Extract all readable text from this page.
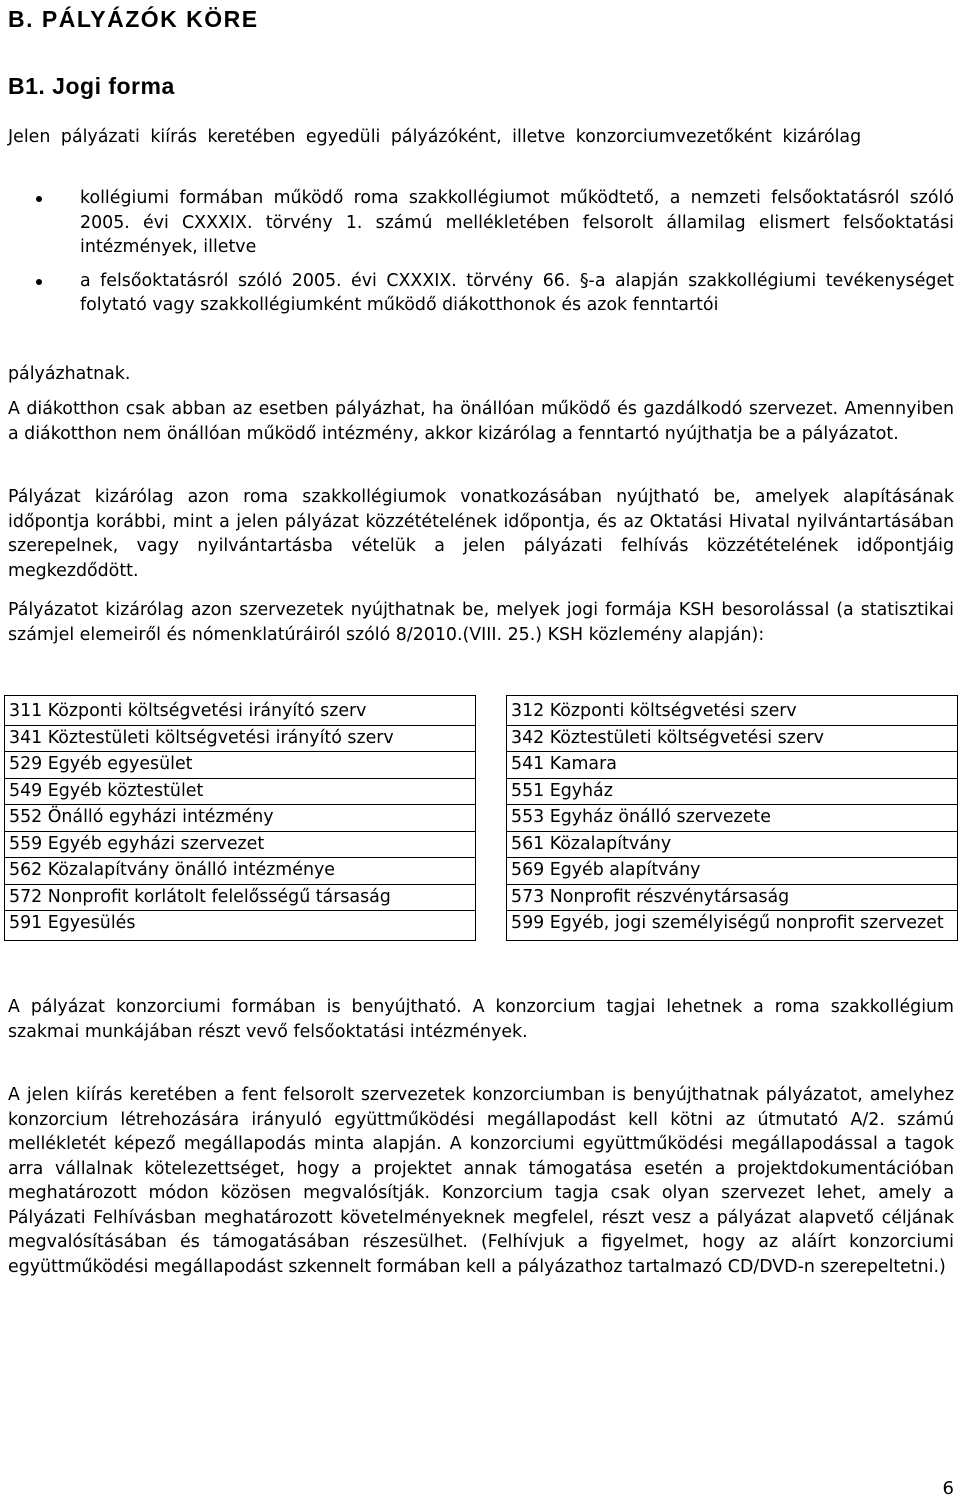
B. PÁLYÁZÓK KÖRE
B1. Jogi forma

Jelen pályázati kiírás keretében egyedüli pályázóként, illetve konzorciumvezetőként kizárólag

kollégiumi formában működő roma szakkollégiumot működtető, a nemzeti felsőoktatásról szóló 2005. évi CXXXIX. törvény 1. számú mellékletében felsorolt államilag elismert felsőoktatási intézmények, illetve
a felsőoktatásról szóló 2005. évi CXXXIX. törvény 66. §-a alapján szakkollégiumi tevékenységet folytató vagy szakkollégiumként működő diákotthonok és azok fenntartói

pályázhatnak.

A diákotthon csak abban az esetben pályázhat, ha önállóan működő és gazdálkodó szervezet. Amennyiben a diákotthon nem önállóan működő intézmény, akkor kizárólag a fenntartó nyújthatja be a pályázatot.

Pályázat kizárólag azon roma szakkollégiumok vonatkozásában nyújtható be, amelyek alapításának időpontja korábbi, mint a jelen pályázat közzétételének időpontja, és az Oktatási Hivatal nyilvántartásában szerepelnek, vagy nyilvántartásba vételük a jelen pályázati felhívás közzétételének időpontjáig megkezdődött.

Pályázatot kizárólag azon szervezetek nyújthatnak be, melyek jogi formája KSH besorolással (a statisztikai számjel elemeiről és nómenklatúráiról szóló 8/2010.(VIII. 25.) KSH közlemény alapján):

311 Központi költségvetési irányító szerv		312 Központi költségvetési szerv
341 Köztestületi költségvetési irányító szerv		342 Köztestületi költségvetési szerv
529 Egyéb egyesület		541 Kamara
549 Egyéb köztestület		551 Egyház
552 Önálló egyházi intézmény		553 Egyház önálló szervezete
559 Egyéb egyházi szervezet		561 Közalapítvány
562 Közalapítvány önálló intézménye		569 Egyéb alapítvány
572 Nonprofit korlátolt felelősségű társaság		573 Nonprofit részvénytársaság
591 Egyesülés		599 Egyéb, jogi személyiségű nonprofit szervezet

A pályázat konzorciumi formában is benyújtható. A konzorcium tagjai lehetnek a roma szakkollégium szakmai munkájában részt vevő felsőoktatási intézmények.

A jelen kiírás keretében a fent felsorolt szervezetek konzorciumban is benyújthatnak pályázatot, amelyhez konzorcium létrehozására irányuló együttműködési megállapodást kell kötni az útmutató A/2. számú mellékletét képező megállapodás minta alapján. A konzorciumi együttműködési megállapodással a tagok arra vállalnak kötelezettséget, hogy a projektet annak támogatása esetén a projektdokumentációban meghatározott módon közösen megvalósítják. Konzorcium tagja csak olyan szervezet lehet, amely a Pályázati Felhívásban meghatározott követelményeknek megfelel, részt vesz a pályázat alapvető céljának megvalósításában és támogatásában részesülhet. (Felhívjuk a figyelmet, hogy az aláírt konzorciumi együttműködési megállapodást szkennelt formában kell a pályázathoz tartalmazó CD/DVD-n szerepeltetni.)

6
